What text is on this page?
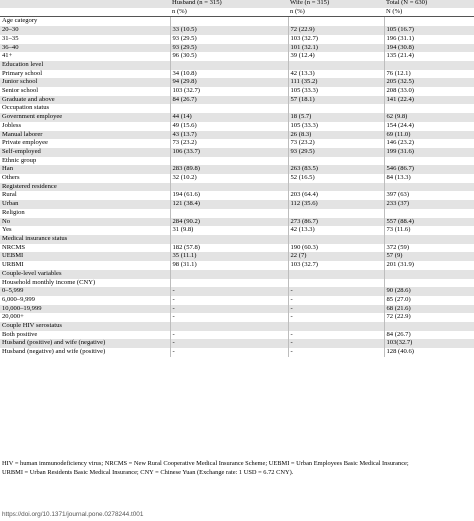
	Husband (n = 315)	Wife (n = 315)	Total (N = 630)
	n (%)	n (%)	N (%)
Age category			
20–30	33 (10.5)	72 (22.9)	105 (16.7)
31–35	93 (29.5)	103 (32.7)	196 (31.1)
36–40	93 (29.5)	101 (32.1)	194 (30.8)
41+	96 (30.5)	39 (12.4)	135 (21.4)
Education level			
Primary school	34 (10.8)	42 (13.3)	76 (12.1)
Junior school	94 (29.8)	111 (35.2)	205 (32.5)
Senior school	103 (32.7)	105 (33.3)	208 (33.0)
Graduate and above	84 (26.7)	57 (18.1)	141 (22.4)
Occupation status			
Government employee	44 (14)	18 (5.7)	62 (9.8)
Jobless	49 (15.6)	105 (33.3)	154 (24.4)
Manual laborer	43 (13.7)	26 (8.3)	69 (11.0)
Private employee	73 (23.2)	73 (23.2)	146 (23.2)
Self-employed	106 (33.7)	93 (29.5)	199 (31.6)
Ethnic group			
Han	283 (89.8)	263 (83.5)	546 (86.7)
Others	32 (10.2)	52 (16.5)	84 (13.3)
Registered residence			
Rural	194 (61.6)	203 (64.4)	397 (63)
Urban	121 (38.4)	112 (35.6)	233 (37)
Religion			
No	284 (90.2)	273 (86.7)	557 (88.4)
Yes	31 (9.8)	42 (13.3)	73 (11.6)
Medical insurance status			
NRCMS	182 (57.8)	190 (60.3)	372 (59)
UEBMI	35 (11.1)	22 (7)	57 (9)
URBMI	98 (31.1)	103 (32.7)	201 (31.9)
Couple-level variables			
Household monthly income (CNY)			
0–5,999	-	-	90 (28.6)
6,000–9,999	-	-	85 (27.0)
10,000–19,999	-	-	68 (21.6)
20,000+	-	-	72 (22.9)
Couple HIV serostatus			
Both positive	-	-	84 (26.7)
Husband (positive) and wife (negative)	-	-	103(32.7)
Husband (negative) and wife (positive)	-	-	128 (40.6)
HIV = human immunodeficiency virus; NRCMS = New Rural Cooperative Medical Insurance Scheme; UEBMI = Urban Employees Basic Medical Insurance;
URBMI = Urban Residents Basic Medical Insurance; CNY = Chinese Yuan (Exchange rate: 1 USD = 6.72 CNY).
https://doi.org/10.1371/journal.pone.0278244.t001
